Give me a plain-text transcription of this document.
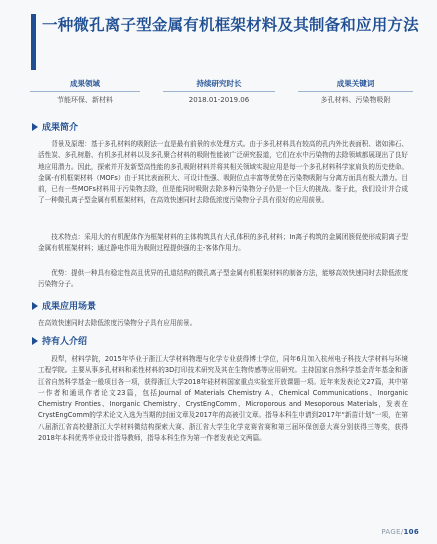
一种微孔离子型金属有机框架材料及其制备和应用方法
成果领域
节能环保、新材料
持续研究时长
2018.01-2019.06
成果关键词
多孔材料、污染物吸附
成果简介

背景及原理：基于多孔材料的吸附法一直是最有前景的水处理方式。由于多孔材料具有较高的孔内外比表面积、诸如沸石、活性炭、多孔树脂、有机多孔材料以及多孔聚合材料的吸附性能被广泛研究报道，它们在水中污染物的去除领域都展现出了良好地应用潜力。因此，探索并开发新型高性能的多孔吸附材料并将其相关领域实现应用是每一个多孔材料科学家肩负的历史使命。金属-有机框架材料（MOFs）由于其比表面积大、可设计性强、吸附位点丰富等优势在污染物吸附与分离方面具有极大潜力。目前，已有一些MOFs材料用于污染物去除，但是能同时吸附去除多种污染物分子仍是一个巨大的挑战。鉴于此，我们设计并合成了一种微孔离子型金属有机框架材料，在高效快速同时去除低浓度污染物分子具有很好的应用前景。

技术特点：采用大的有机配体作为框架材料的主体构筑具有大孔体积的多孔材料；In离子构筑的金属团簇促使形成阴离子型金属有机框架材料；通过静电作用为吸附过程提供强的主-客体作用力。

优势：提供一种具有稳定性高且优异的孔道结构的微孔离子型金属有机框架材料的制备方法，能够高效快速同时去除低浓度污染物分子。

成果应用场景

在高效快速同时去除低浓度污染物分子具有应用前景。

持有人介绍

段犁，材料学院，2015年毕业于浙江大学材料物理与化学专业获得博士学位，同年6月加入杭州电子科技大学材料与环境工程学院。主要从事多孔材料和柔性材料的3D打印技术研究及其在生物传感等应用研究。主持国家自然科学基金青年基金和浙江省自然科学基金一般项目各一项，获得浙江大学2018年硅材料国家重点实验室开放课题一项。近年来发表论文27篇，其中第一作者和通讯作者论文23篇，包括Journal of Materials Chemistry A、Chemical Communications、Inorganic Chemistry Fronties、Inorganic Chemistry、CrystEngComm、Microporous and Mesoporous Materials，发表在CrystEngComm的学术论文入选为当期的封面文章及2017年的高被引文章。指导本科生申请到2017年“新苗计划”一项，在第八届浙江省高校健浙江大学材料微结构探索大赛、浙江省大学生化学竞赛省赛和第三届环保创意大赛分别获得三等奖，获得2018年本科优秀毕业设计指导教师，指导本科生作为第一作者发表论文两篇。

PAGE/106
